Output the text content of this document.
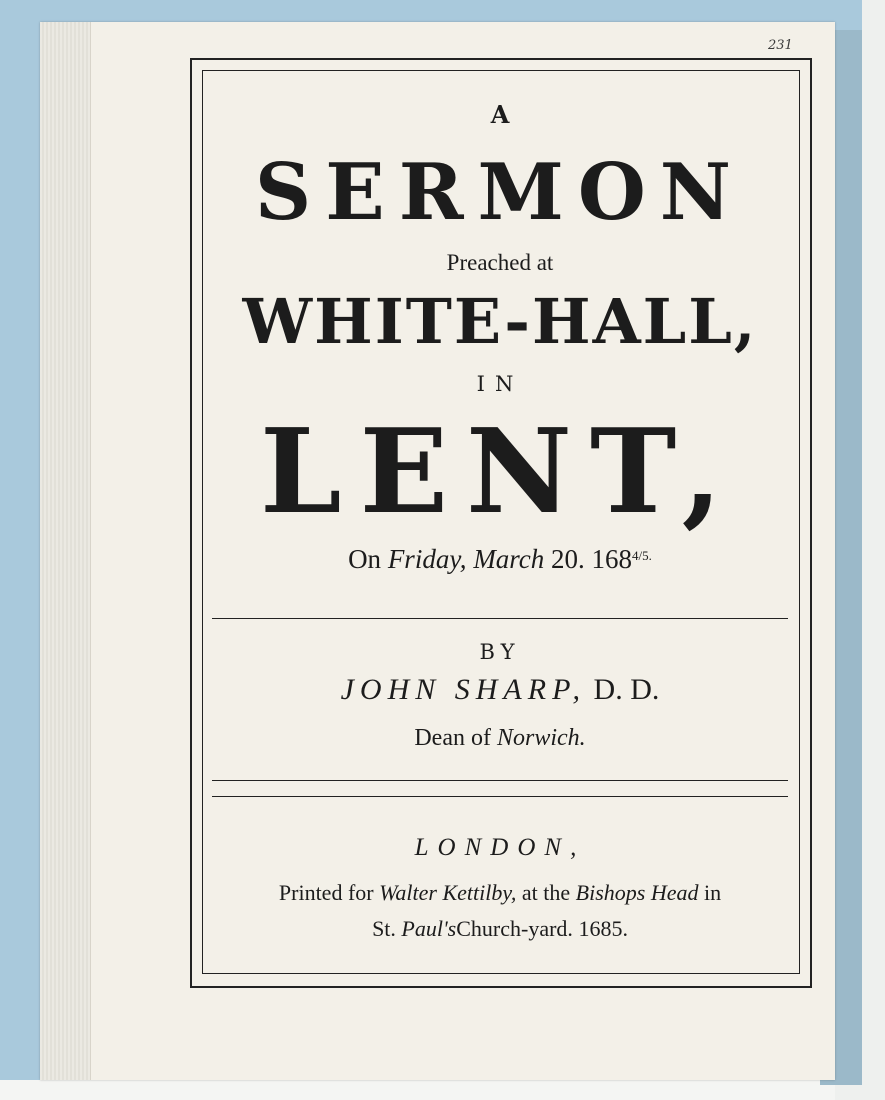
231
A
SERMON
Preached at
WHITE-HALL,
IN
LENT,
On Friday, March 20. $168^{4/5.}$
BY
JOHN SHARP, D. D.
Dean of Norwich.
LONDON,
Printed for Walter Kettilby, at the Bishops Head in
St. Paul'sChurch-yard. 1685.
